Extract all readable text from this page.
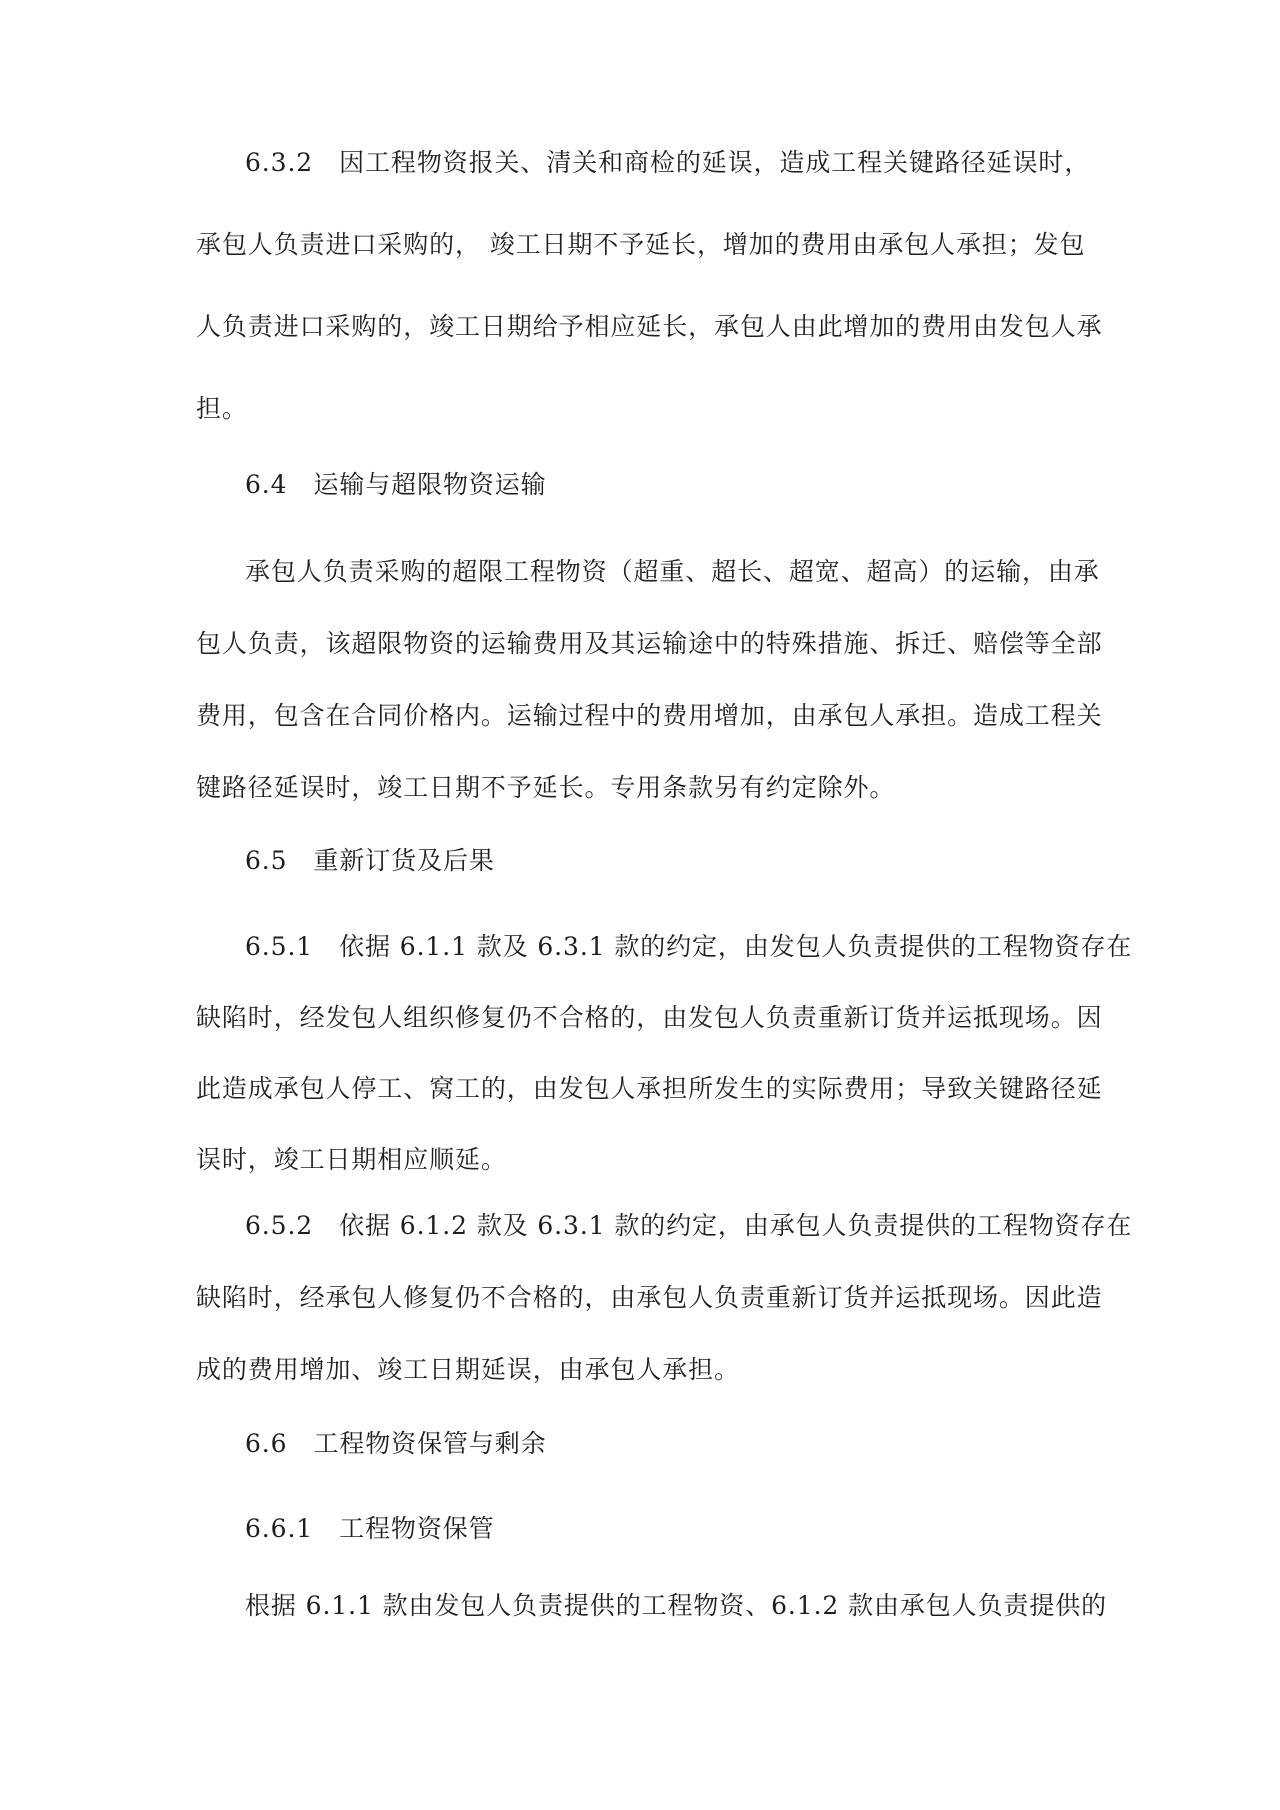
6.3.2 因工程物资报关、清关和商检的延误，造成工程关键路径延误时，

承包人负责进口采购的， 竣工日期不予延长，增加的费用由承包人承担；发包

人负责进口采购的，竣工日期给予相应延长，承包人由此增加的费用由发包人承

担。

6.4 运输与超限物资运输

承包人负责采购的超限工程物资（超重、超长、超宽、超高）的运输，由承

包人负责，该超限物资的运输费用及其运输途中的特殊措施、拆迁、赔偿等全部

费用，包含在合同价格内。运输过程中的费用增加，由承包人承担。造成工程关

键路径延误时，竣工日期不予延长。专用条款另有约定除外。

6.5 重新订货及后果

6.5.1 依据 6.1.1 款及 6.3.1 款的约定，由发包人负责提供的工程物资存在

缺陷时，经发包人组织修复仍不合格的，由发包人负责重新订货并运抵现场。因

此造成承包人停工、窝工的，由发包人承担所发生的实际费用；导致关键路径延

误时，竣工日期相应顺延。

6.5.2 依据 6.1.2 款及 6.3.1 款的约定，由承包人负责提供的工程物资存在

缺陷时，经承包人修复仍不合格的，由承包人负责重新订货并运抵现场。因此造

成的费用增加、竣工日期延误，由承包人承担。

6.6 工程物资保管与剩余

6.6.1 工程物资保管

根据 6.1.1 款由发包人负责提供的工程物资、6.1.2 款由承包人负责提供的
